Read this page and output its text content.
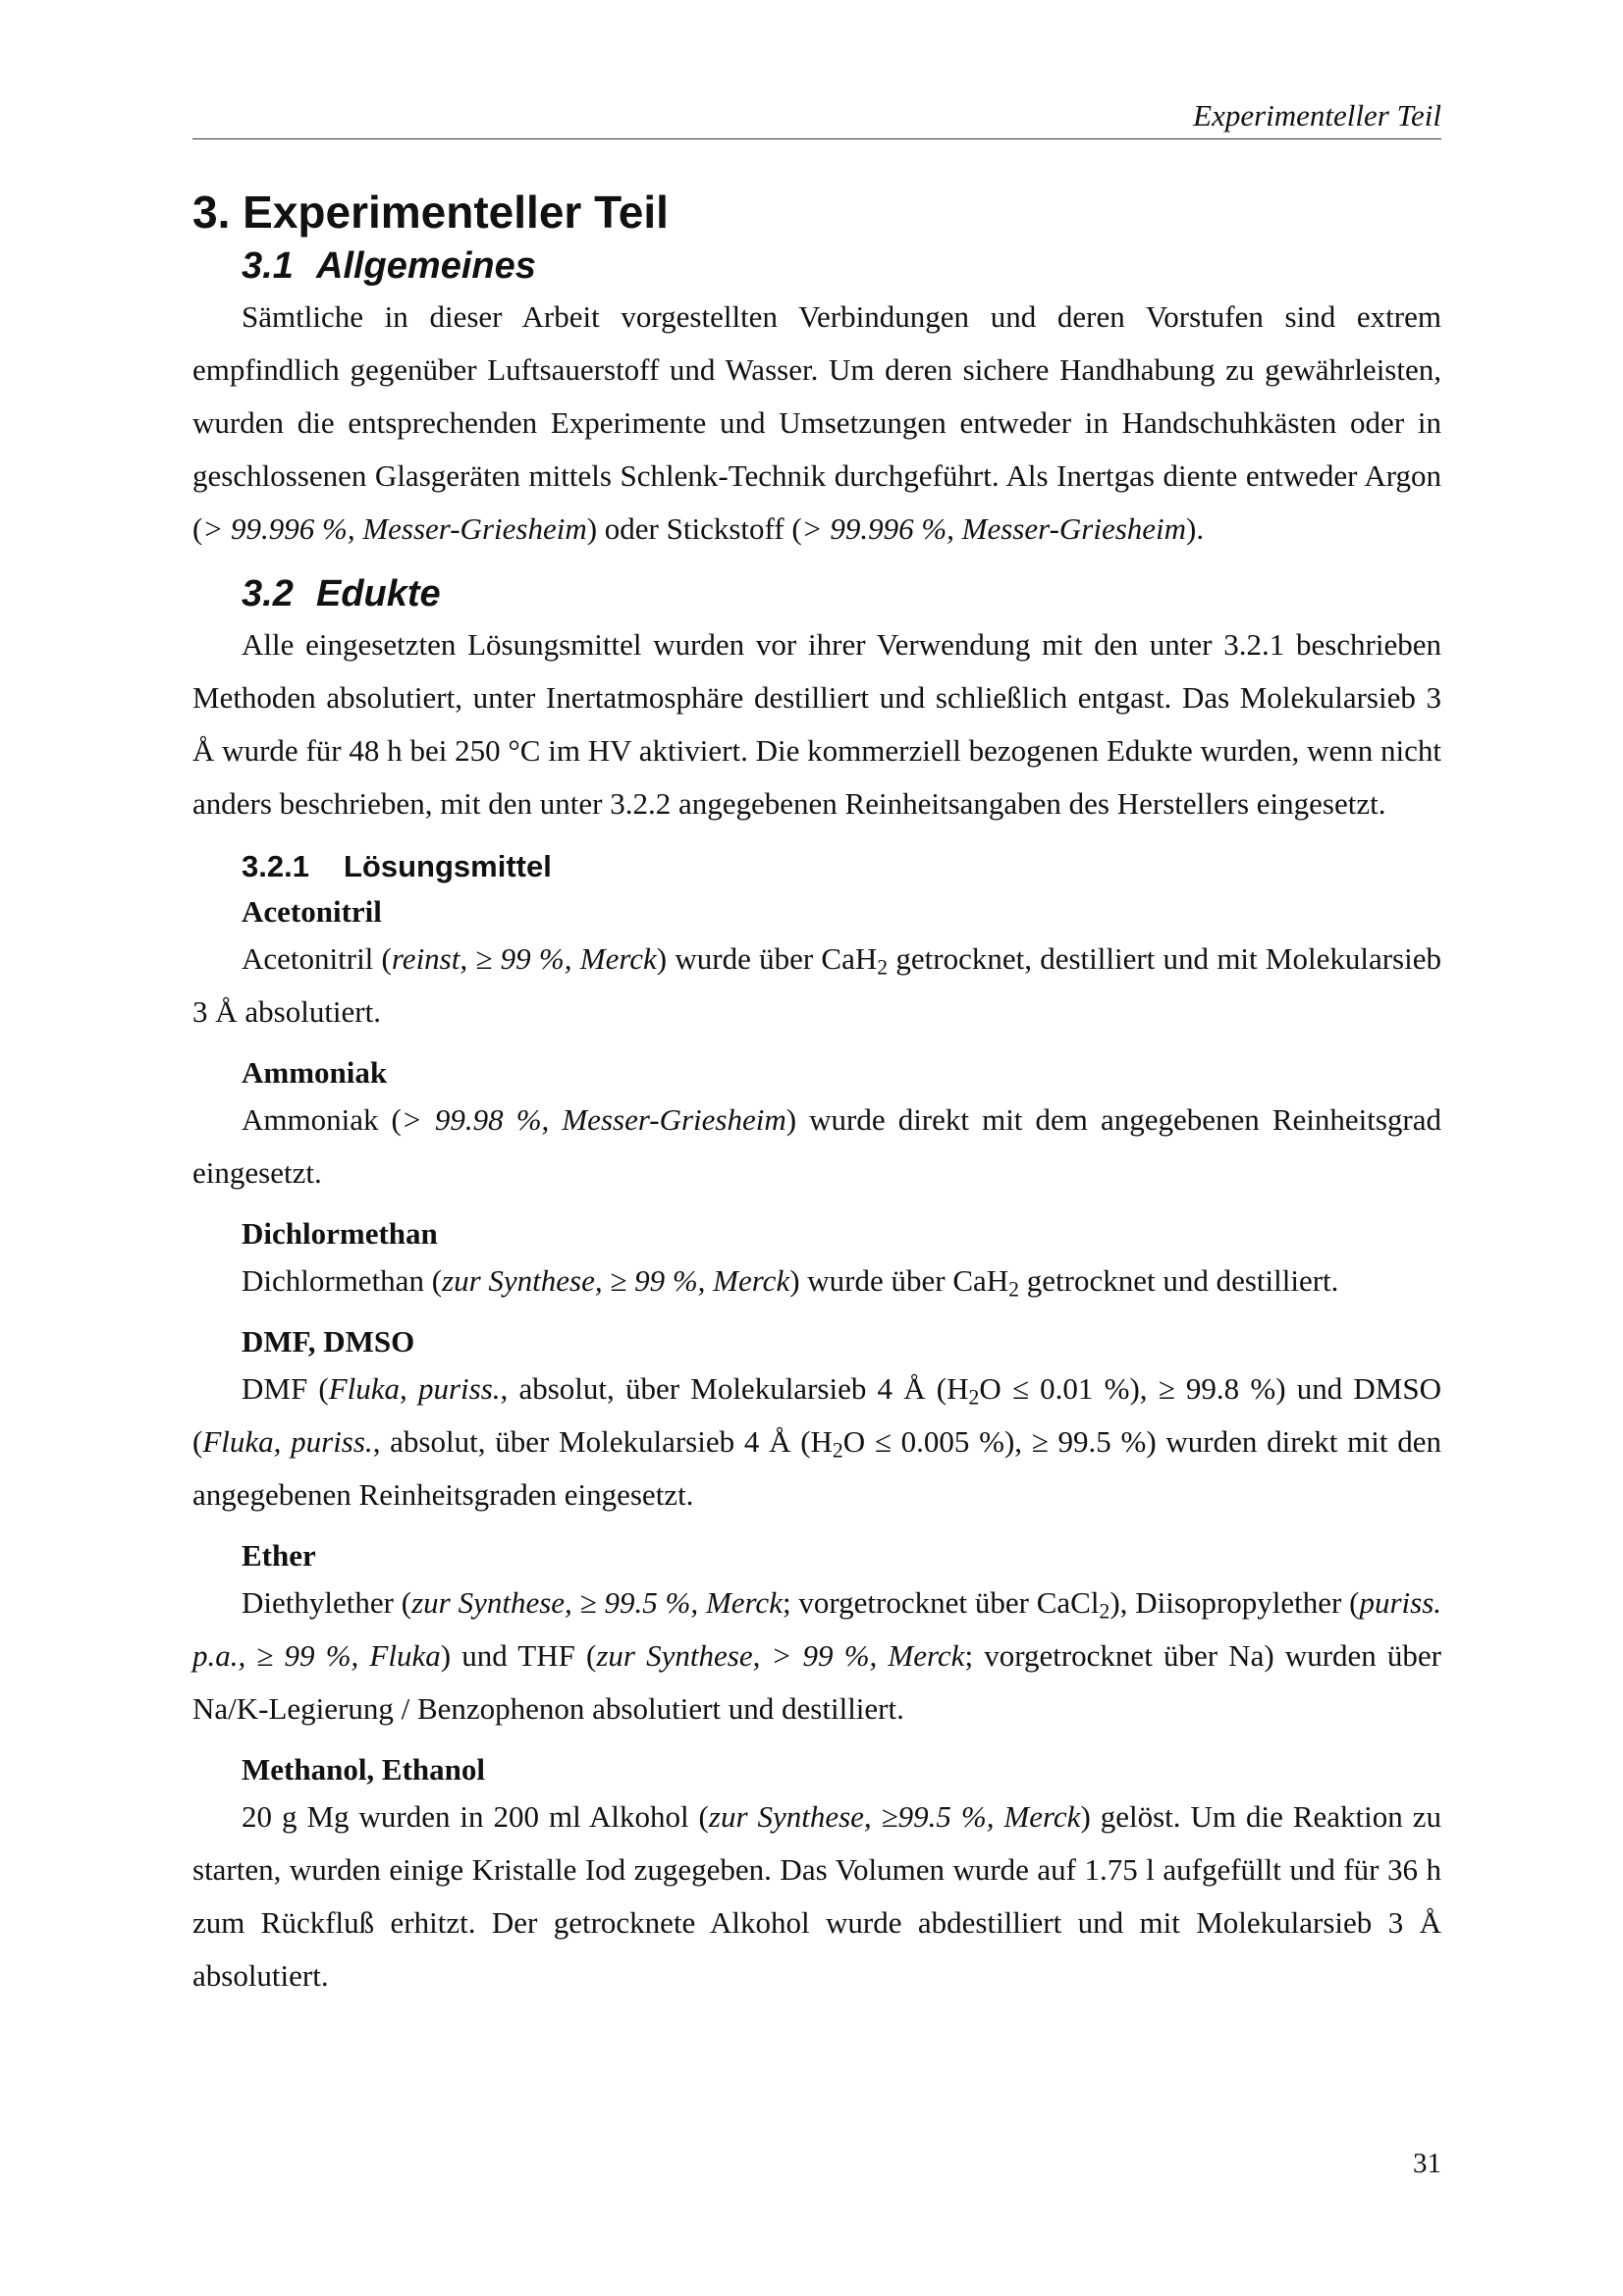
Experimenteller Teil
3. Experimenteller Teil
3.1 Allgemeines

Sämtliche in dieser Arbeit vorgestellten Verbindungen und deren Vorstufen sind extrem empfindlich gegenüber Luftsauerstoff und Wasser. Um deren sichere Handhabung zu gewährleisten, wurden die entsprechenden Experimente und Umsetzungen entweder in Handschuhkästen oder in geschlossenen Glasgeräten mittels Schlenk-Technik durchgeführt. Als Inertgas diente entweder Argon (> 99.996 %, Messer-Griesheim) oder Stickstoff (> 99.996 %, Messer-Griesheim).

3.2 Edukte

Alle eingesetzten Lösungsmittel wurden vor ihrer Verwendung mit den unter 3.2.1 beschrieben Methoden absolutiert, unter Inertatmosphäre destilliert und schließlich entgast. Das Molekularsieb 3 Å wurde für 48 h bei 250 °C im HV aktiviert. Die kommerziell bezogenen Edukte wurden, wenn nicht anders beschrieben, mit den unter 3.2.2 angegebenen Reinheitsangaben des Herstellers eingesetzt.

3.2.1 Lösungsmittel
Acetonitril

Acetonitril (reinst, ≥ 99 %, Merck) wurde über CaH$_2$ getrocknet, destilliert und mit Molekularsieb 3 Å absolutiert.

Ammoniak

Ammoniak (> 99.98 %, Messer-Griesheim) wurde direkt mit dem angegebenen Reinheitsgrad eingesetzt.

Dichlormethan

Dichlormethan (zur Synthese, ≥ 99 %, Merck) wurde über CaH$_2$ getrocknet und destilliert.

DMF, DMSO

DMF (Fluka, puriss., absolut, über Molekularsieb 4 Å ($H_2O \le 0.01$ %), ≥ 99.8 %) und DMSO (Fluka, puriss., absolut, über Molekularsieb 4 Å ($H_2O \le 0.005$ %), ≥ 99.5 %) wurden direkt mit den angegebenen Reinheitsgraden eingesetzt.

Ether

Diethylether (zur Synthese, ≥ 99.5 %, Merck; vorgetrocknet über CaCl$_2$), Diisopropylether (puriss. p.a., ≥ 99 %, Fluka) und THF (zur Synthese, > 99 %, Merck; vorgetrocknet über Na) wurden über Na/K-Legierung / Benzophenon absolutiert und destilliert.

Methanol, Ethanol

20 g Mg wurden in 200 ml Alkohol (zur Synthese, ≥99.5 %, Merck) gelöst. Um die Reaktion zu starten, wurden einige Kristalle Iod zugegeben. Das Volumen wurde auf 1.75 l aufgefüllt und für 36 h zum Rückfluß erhitzt. Der getrocknete Alkohol wurde abdestilliert und mit Molekularsieb 3 Å absolutiert.

31
